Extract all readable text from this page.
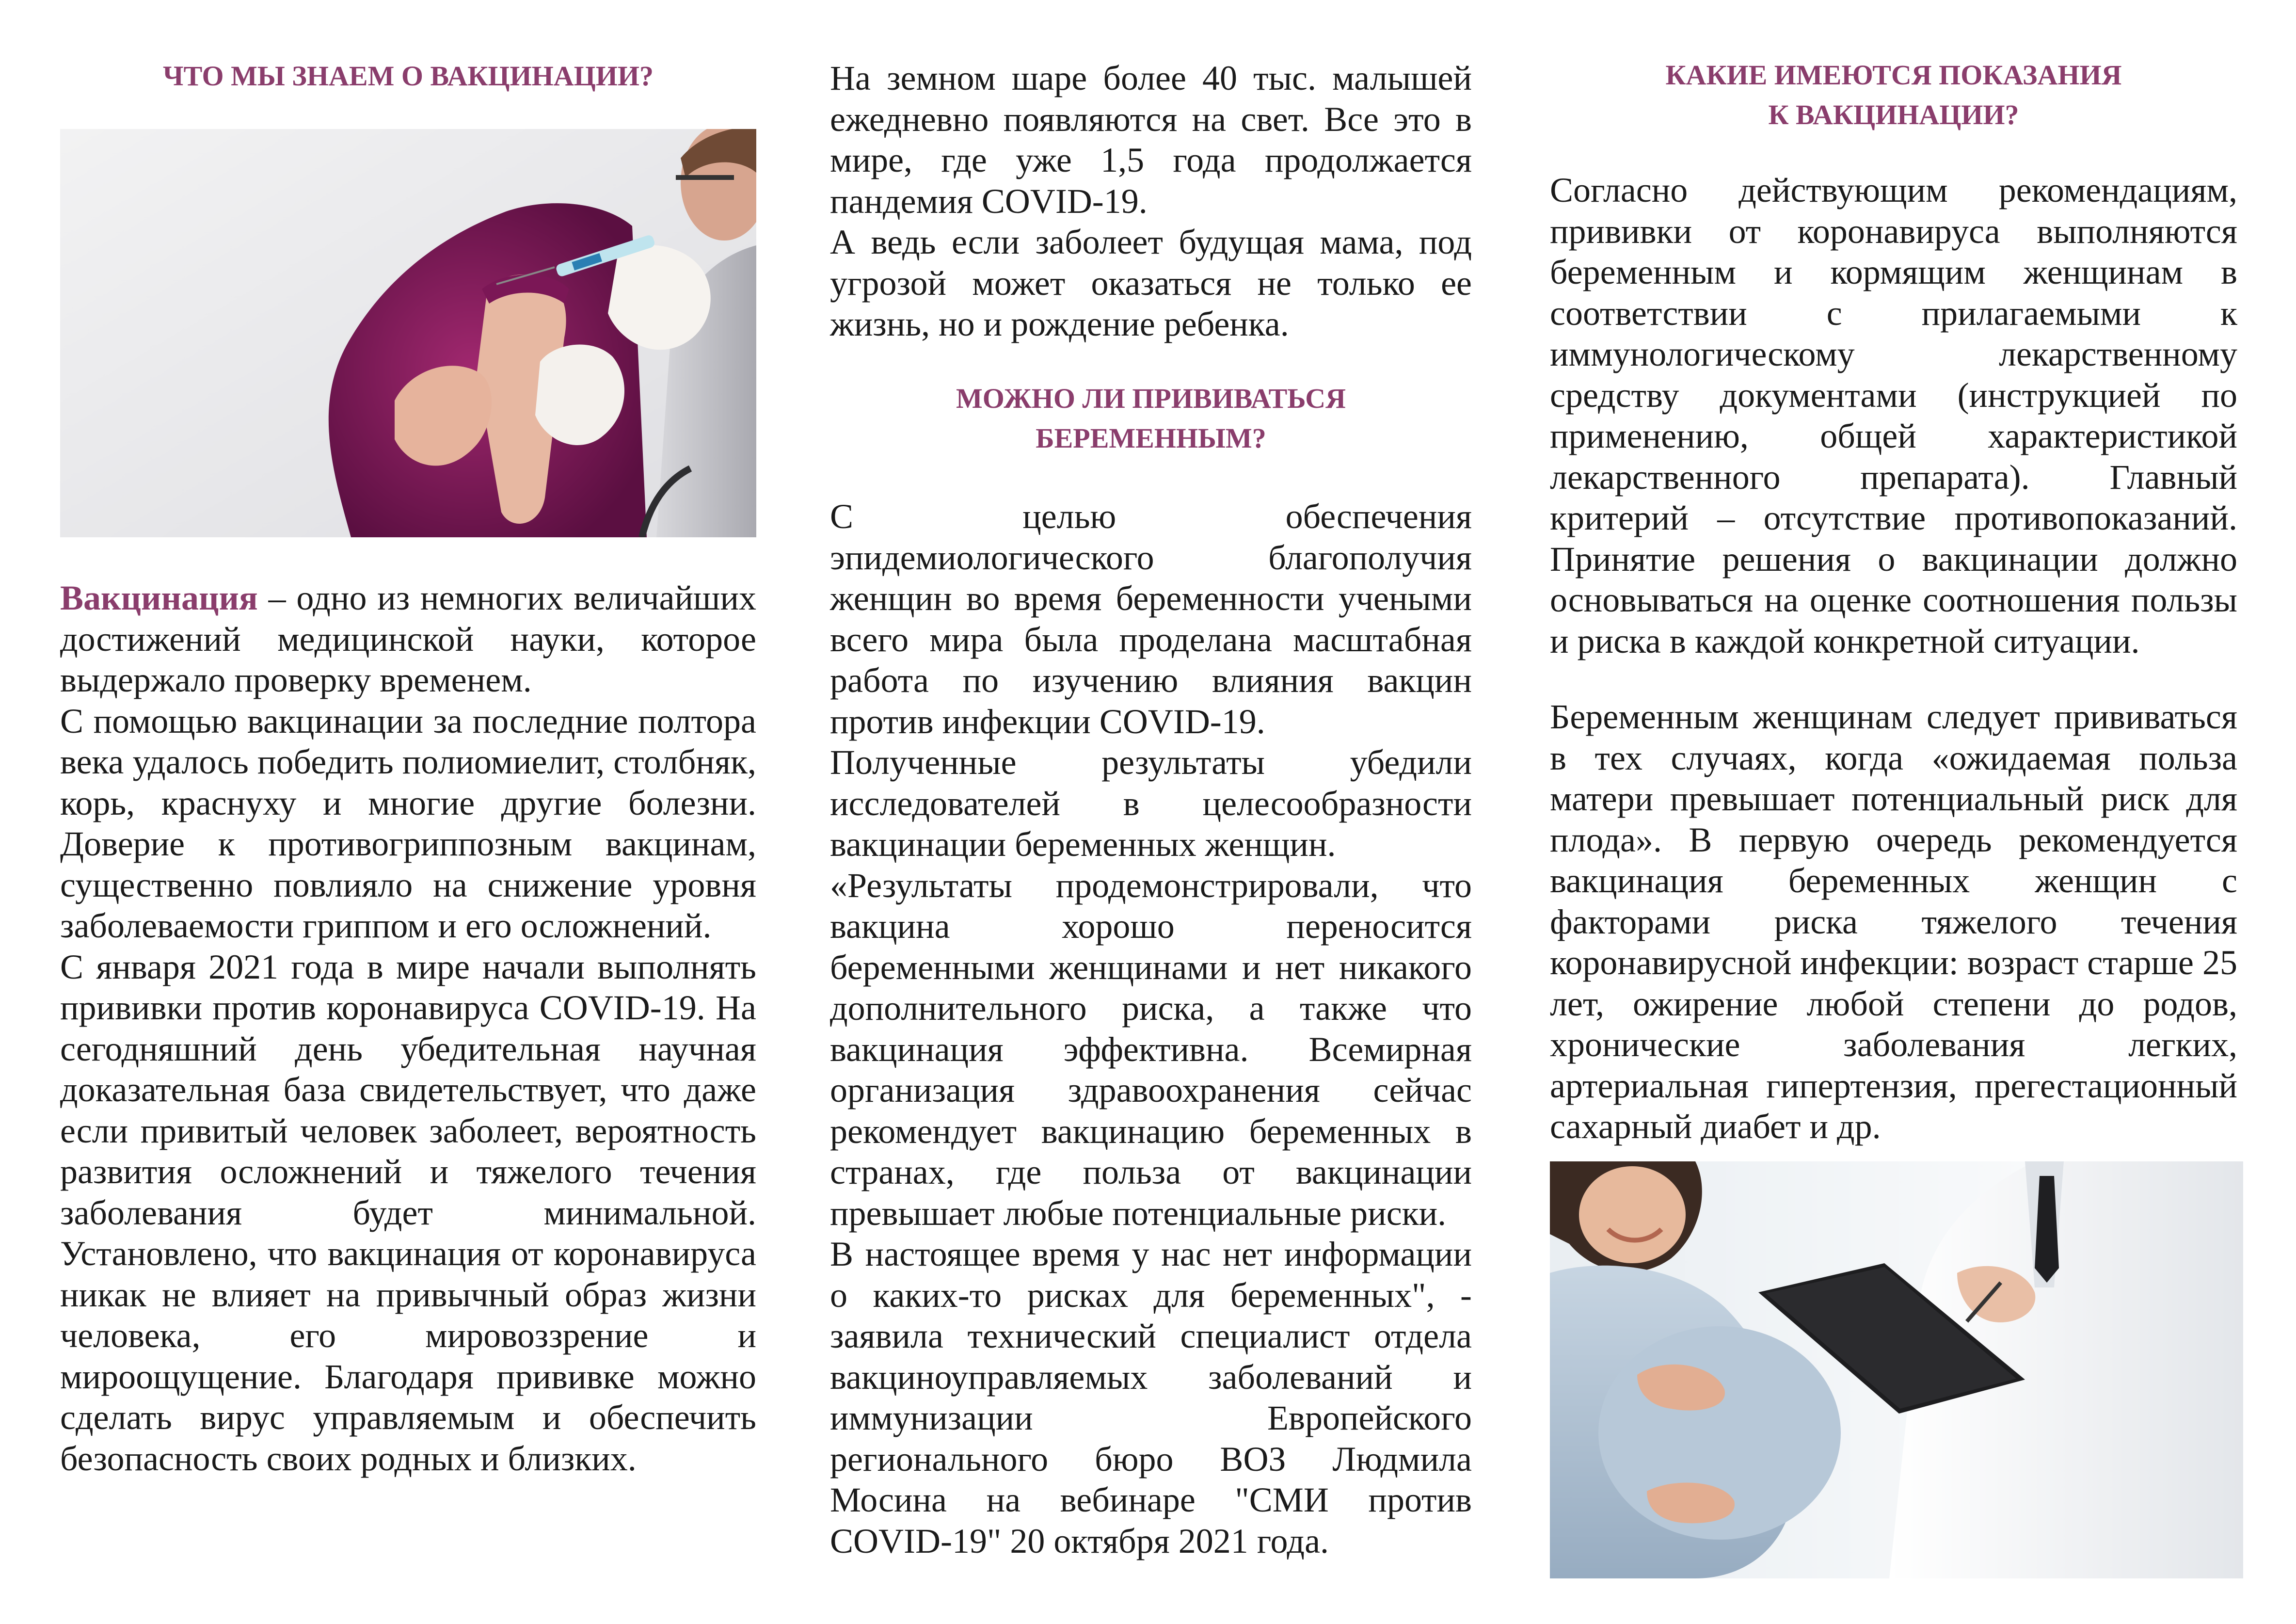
ЧТО МЫ ЗНАЕМ О ВАКЦИНАЦИИ?

Вакцинация – одно из немногих величайших достижений медицинской науки, которое выдержало проверку временем.

С помощью вакцинации за последние полтора века удалось победить полиомиелит, столбняк, корь, краснуху и многие другие болезни. Доверие к противогриппозным вакцинам, существенно повлияло на снижение уровня заболеваемости гриппом и его осложнений.

С января 2021 года в мире начали выполнять прививки против коронавируса COVID-19. На сегодняшний день убедительная научная доказательная база свидетельствует, что даже если привитый человек заболеет, вероятность развития осложнений и тяжелого течения заболевания будет минимальной. Установлено, что вакцинация от коронавируса никак не влияет на привычный образ жизни человека, его мировоззрение и мироощущение. Благодаря прививке можно сделать вирус управляемым и обеспечить безопасность своих родных и близких.

На земном шаре более 40 тыс. малышей ежедневно появляются на свет. Все это в мире, где уже 1,5 года продолжается пандемия COVID-19.

А ведь если заболеет будущая мама, под угрозой может оказаться не только ее жизнь, но и рождение ребенка.

МОЖНО ЛИ ПРИВИВАТЬСЯ
БЕРЕМЕННЫМ?

С целью обеспечения эпидемиологического благополучия женщин во время беременности учеными всего мира была проделана масштабная работа по изучению влияния вакцин против инфекции COVID-19.

Полученные результаты убедили исследователей в целесообразности вакцинации беременных женщин.

«Результаты продемонстрировали, что вакцина хорошо переносится беременными женщинами и нет никакого дополнительного риска, а также что вакцинация эффективна. Всемирная организация здравоохранения сейчас рекомендует вакцинацию беременных в странах, где польза от вакцинации превышает любые потенциальные риски.

В настоящее время у нас нет информации о каких-то рисках для беременных", - заявила технический специалист отдела вакциноуправляемых заболеваний и иммунизации Европейского регионального бюро ВОЗ Людмила Мосина на вебинаре "СМИ против COVID-19" 20 октября 2021 года.

КАКИЕ ИМЕЮТСЯ ПОКАЗАНИЯ
К ВАКЦИНАЦИИ?

Согласно действующим рекомендациям, прививки от коронавируса выполняются беременным и кормящим женщинам в соответствии с прилагаемыми к иммунологическому лекарственному средству документами (инструкцией по применению, общей характеристикой лекарственного препарата). Главный критерий – отсутствие противопоказаний. Принятие решения о вакцинации должно основываться на оценке соотношения пользы и риска в каждой конкретной ситуации.

Беременным женщинам следует прививаться в тех случаях, когда «ожидаемая польза матери превышает потенциальный риск для плода». В первую очередь рекомендуется вакцинация беременных женщин с факторами риска тяжелого течения коронавирусной инфекции: возраст старше 25 лет, ожирение любой степени до родов, хронические заболевания легких, артериальная гипертензия, прегестационный сахарный диабет и др.
